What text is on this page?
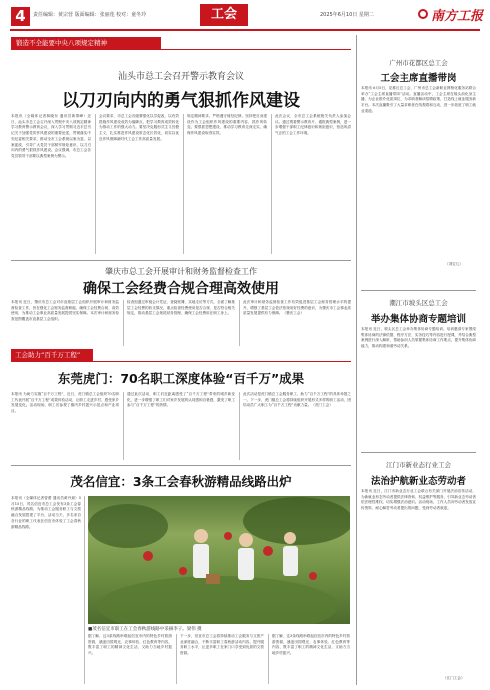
4	责任编辑：黄宗营 版面编辑：张丽莲 校对：童冬玲	工会	2025年6月10日 星期二	南方工报
锻造不全能要中央八项规定精神
汕头市总工会召开警示教育会议
以刀刃向内的勇气狠抓作风建设
本报讯（全媒体记者林晓东 通讯员黄菁峰）近日，汕头市总工会召开深入贯彻中央八项规定精神学习教育警示教育会议，深入学习贯彻习近平总书记关于加强党的作风建设的重要论述，贯彻落实中央纪委相关要求，推动全市工会系统以案为鉴、以案促改，引导广大党员干部树牢规矩意识，以刀刃向内的勇气狠抓作风建设。会议强调，市总工会各党员领导干部要以典型案例为警示。
会议要求，市总工会各级要强化以学促改，以有效措施作风建设成效为落脚点，把学习教育成效转化为推动工作的强大动力。要坚决克服形式主义官僚主义，扎实推进作风建设常态化长效化，切实以优良作风保障新时代工会工作高质量发展。
规定精神要求，严格遵守财经纪律，坚持把自身建设作为工会组织作风建设的重要内容，抓作风转变。要狠抓思想建设，推动学习教育走深走实，确保作风建设取得实效。
此次会议，全市总工会系统相关负责人参加会议。通过观看警示教育片、通报典型案例，进一步增强干部职工纪律意识和规矩意识，营造风清气正的工会工作环境。
肇庆市总工会开展审计和财务监督检查工作
确保工会经费合规合理高效使用
本报讯 近日，肇庆市总工会对市直基层工会组织开展审计和财务监督检查工作，旨在强化工会财务监督职能，确保工会经费合规、高效使用，为推动工会事业高质量发展提供坚实保障。本次审计和财务检查范围覆盖市直基层工会组织。
检查组通过审阅会计凭证、查阅账簿、实地走访等方式，全面了解基层工会经费的收支情况，重点检查经费使用是否合规、是否符合相关规定，推动基层工会规范财务管理，确保工会经费用在职工身上。
此次审计和财务监督检查工作有效促进基层工会财务管理水平的提升，增强了基层工会依法依规用好经费的意识，为肇庆市工会事业高质量发展提供有力保障。（肇庆工会）
工会助力“百千万工程”
东莞虎门：70名职工深度体验“百千万”成果
本报讯 为助力实施“百千万工程”，近日，虎门镇总工会组织70名职工代表开展“百千万工程”成果体验活动，让职工走进乡村、感受家乡发展变化。活动现场，职工们参观了镇内乡村振兴示范点和产业项目。
通过此次活动，职工们近距离感受了“百千万工程”带来的城乡新变化，进一步增强了职工们对家乡发展的认同感和自豪感，激发了职工参与“百千万工程”的热情。
此次活动是虎门镇总工会服务职工、助力“百千万工程”的具体举措之一。下一步，虎门镇总工会将持续组织开展形式多样的职工活动，团结动员广大职工为“百千万工程”贡献力量。（虎门工会）
茂名信宜：3条工会春秋游精品线路出炉
本报讯（全媒体记者曾蕾 通讯员黄丹琼）5月15日，茂名信宜市总工会发布3条工会春秋游精品线路，为推动工会服务职工与文旅融合发展搭建了平台，活动当天，多名来自各行业的职工代表在信宜市体验了工会春秋游精品线路。
■茂名信宜市职工在工会春秋游线路中采摘李子。梁伟 摄
据了解，这3条线路串联起信宜市内的特色乡村旅游资源，涵盖田园观光、农事体验、红色教育等内容，既丰富了职工的精神文化生活，又助力当地乡村振兴。
下一步，信宜市总工会将持续推动工会服务与文旅产业深度融合，不断丰富职工春秋游活动内容，提升服务职工水平，让更多职工在家门口享受到优质的文旅资源。
据了解，这3条线路串联起信宜市内的特色乡村旅游资源，涵盖田园观光、农事体验、红色教育等内容，既丰富了职工的精神文化生活，又助力当地乡村振兴。
广州市花都区总工会
工会主席直播带岗
本报讯 6月5日，花都区总工会、广州市总工会新职业网格化服务站联合举办“工会主席直播带岗”活动。直播活动中，工会主席在镜头前化身主播，为企业推介优质岗位，为求职者解读招聘政策，打造线上就业服务新平台。本次直播吸引了大量求职者在线观看和互动，进一步拓宽了职工就业渠道。
（刘宝儿）
潮江市坡头区总工会
举办集体协商专题培训
本报讯 近日，坡头区总工会举办集体协商专题培训。培训邀请专家围绕集体协商的法律依据、程序方法、实务技巧等内容进行授课，并结合典型案例进行深入解析，帮助参训人员掌握集体协商工作要点，提升集体协商能力，推动构建和谐劳动关系。
江门市新业态行业工会
法治护航新业态劳动者
本报讯 近日，江门市新业态行业工会联合有关部门开展法治宣传活动，为新就业形态劳动者提供法律咨询、权益维护等服务，引导新业态劳动者依法理性维权，切实增强法治意识。活动现场，工作人员向劳动者发放宣传资料，耐心解答劳动者提出的问题，受到劳动者欢迎。
（江门工会）
